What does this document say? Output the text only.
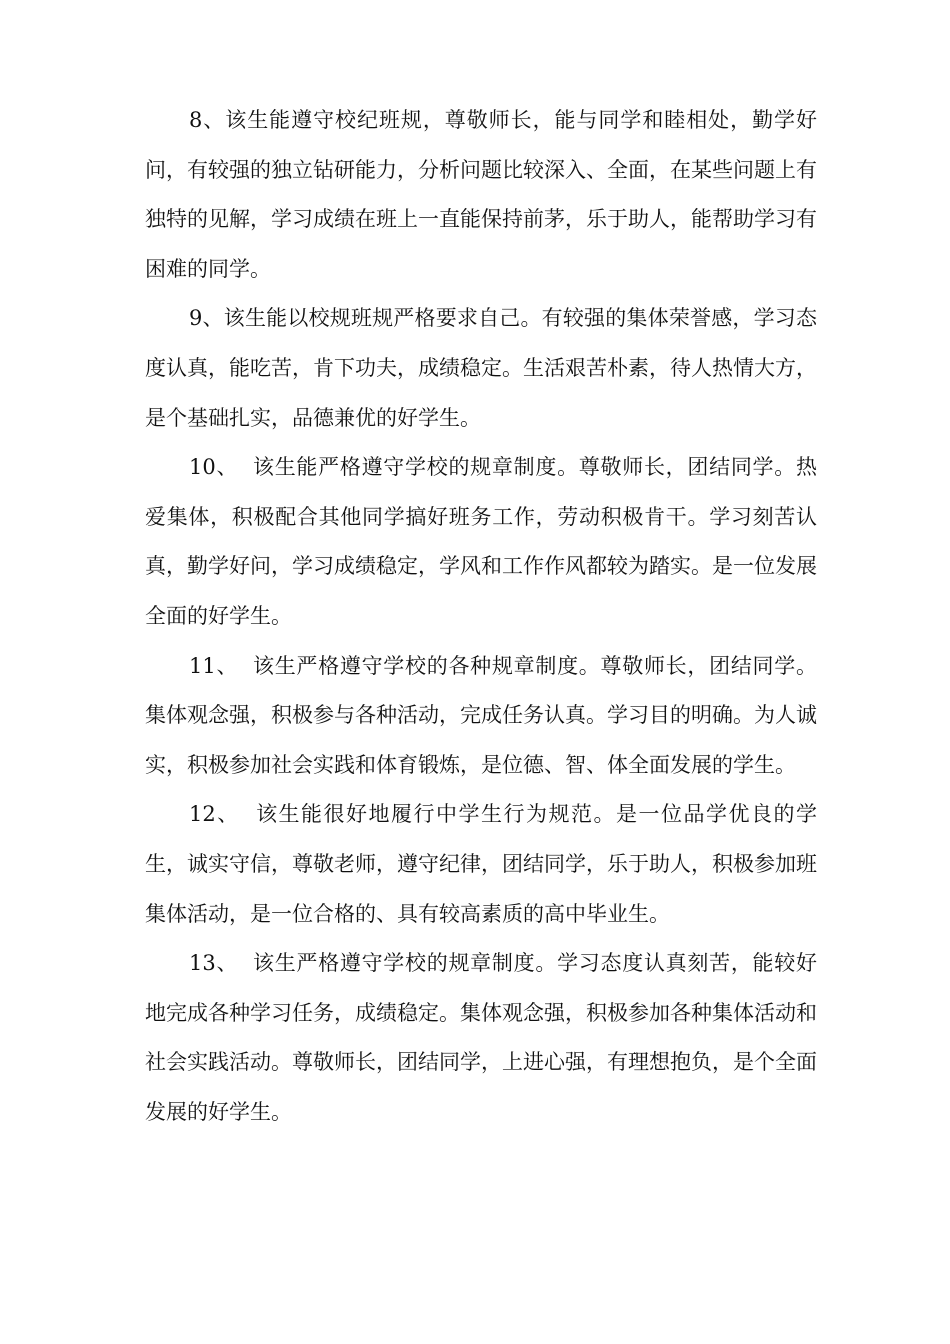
8、该生能遵守校纪班规，尊敬师长，能与同学和睦相处，勤学好问，有较强的独立钻研能力，分析问题比较深入、全面，在某些问题上有独特的见解，学习成绩在班上一直能保持前茅，乐于助人，能帮助学习有困难的同学。

9、该生能以校规班规严格要求自己。有较强的集体荣誉感，学习态度认真，能吃苦，肯下功夫，成绩稳定。生活艰苦朴素，待人热情大方，是个基础扎实，品德兼优的好学生。

10、  该生能严格遵守学校的规章制度。尊敬师长，团结同学。热爱集体，积极配合其他同学搞好班务工作，劳动积极肯干。学习刻苦认真，勤学好问，学习成绩稳定，学风和工作作风都较为踏实。是一位发展全面的好学生。

11、  该生严格遵守学校的各种规章制度。尊敬师长，团结同学。集体观念强，积极参与各种活动，完成任务认真。学习目的明确。为人诚实，积极参加社会实践和体育锻炼，是位德、智、体全面发展的学生。

12、  该生能很好地履行中学生行为规范。是一位品学优良的学生，诚实守信，尊敬老师，遵守纪律，团结同学，乐于助人，积极参加班集体活动，是一位合格的、具有较高素质的高中毕业生。

13、  该生严格遵守学校的规章制度。学习态度认真刻苦，能较好地完成各种学习任务，成绩稳定。集体观念强，积极参加各种集体活动和社会实践活动。尊敬师长，团结同学，上进心强，有理想抱负，是个全面发展的好学生。
